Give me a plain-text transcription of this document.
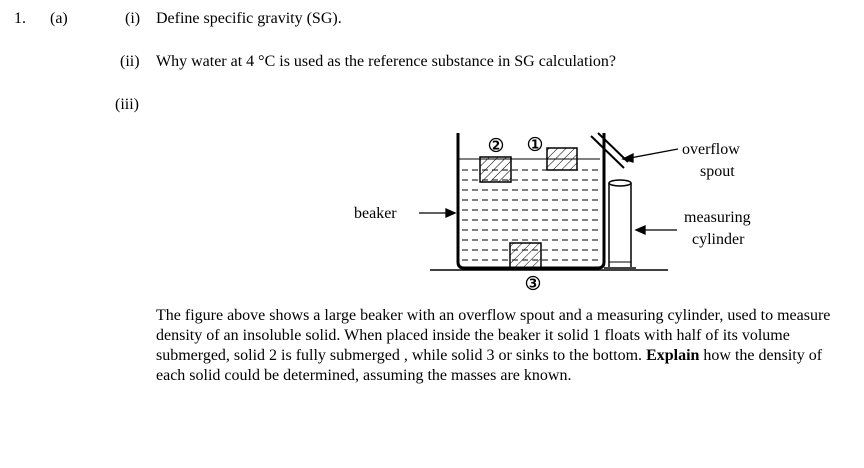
1. (a)	(i) Define specific gravity (SG).
(ii) Why water at 4 °C is used as the reference substance in SG calculation?
(iii)
1
2
3
overflow
spout
beaker	measuring
cylinder
The figure above shows a large beaker with an overflow spout and a measuring cylinder, used to measure density of an insoluble solid. When placed inside the beaker it solid 1 floats with half of its volume submerged, solid 2 is fully submerged , while solid 3 or sinks to the bottom. Explain how the density of each solid could be determined, assuming the masses are known.
